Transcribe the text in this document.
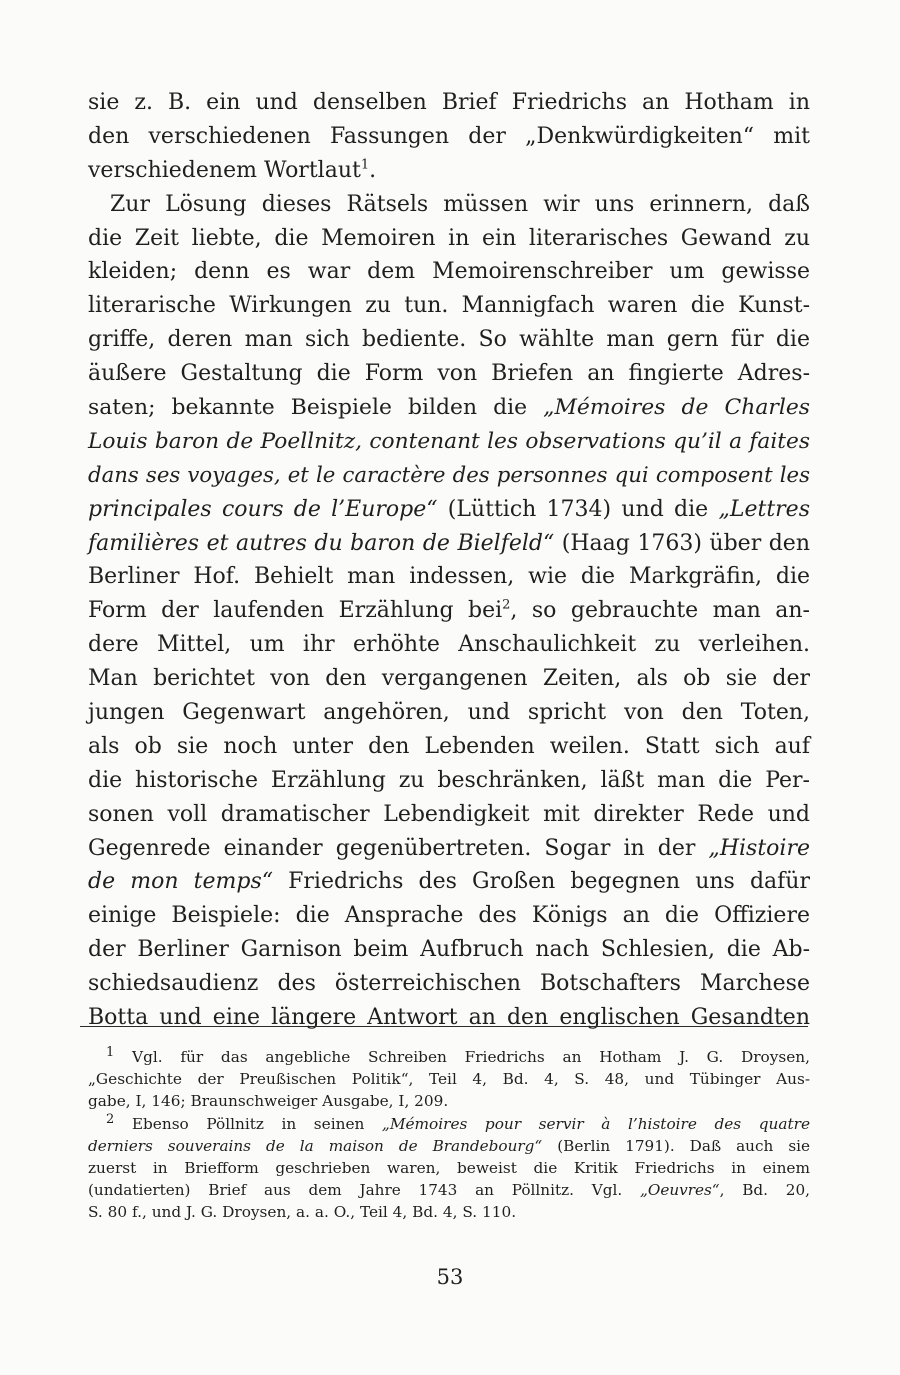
sie z. B. ein und denselben Brief Friedrichs an Hotham in
den verschiedenen Fassungen der „Denkwürdigkeiten“ mit
verschiedenem Wortlaut$^1$.
Zur Lösung dieses Rätsels müssen wir uns erinnern, daß
die Zeit liebte, die Memoiren in ein literarisches Gewand zu
kleiden; denn es war dem Memoirenschreiber um gewisse
literarische Wirkungen zu tun. Mannigfach waren die Kunst-
griffe, deren man sich bediente. So wählte man gern für die
äußere Gestaltung die Form von Briefen an fingierte Adres-
saten; bekannte Beispiele bilden die „Mémoires de Charles
Louis baron de Poellnitz, contenant les observations qu’il a faites
dans ses voyages, et le caractère des personnes qui composent les
principales cours de l’Europe“ (Lüttich 1734) und die „Lettres
familières et autres du baron de Bielfeld“ (Haag 1763) über den
Berliner Hof. Behielt man indessen, wie die Markgräfin, die
Form der laufenden Erzählung bei$^2$, so gebrauchte man an-
dere Mittel, um ihr erhöhte Anschaulichkeit zu verleihen.
Man berichtet von den vergangenen Zeiten, als ob sie der
jungen Gegenwart angehören, und spricht von den Toten,
als ob sie noch unter den Lebenden weilen. Statt sich auf
die historische Erzählung zu beschränken, läßt man die Per-
sonen voll dramatischer Lebendigkeit mit direkter Rede und
Gegenrede einander gegenübertreten. Sogar in der „Histoire
de mon temps“ Friedrichs des Großen begegnen uns dafür
einige Beispiele: die Ansprache des Königs an die Offiziere
der Berliner Garnison beim Aufbruch nach Schlesien, die Ab-
schiedsaudienz des österreichischen Botschafters Marchese
Botta und eine längere Antwort an den englischen Gesandten
$^1$ Vgl. für das angebliche Schreiben Friedrichs an Hotham J. G. Droysen,
„Geschichte der Preußischen Politik“, Teil 4, Bd. 4, S. 48, und Tübinger Aus-
gabe, I, 146; Braunschweiger Ausgabe, I, 209.
$^2$ Ebenso Pöllnitz in seinen „Mémoires pour servir à l’histoire des quatre
derniers souverains de la maison de Brandebourg“ (Berlin 1791). Daß auch sie
zuerst in Briefform geschrieben waren, beweist die Kritik Friedrichs in einem
(undatierten) Brief aus dem Jahre 1743 an Pöllnitz. Vgl. „Oeuvres“, Bd. 20,
S. 80 f., und J. G. Droysen, a. a. O., Teil 4, Bd. 4, S. 110.
53
